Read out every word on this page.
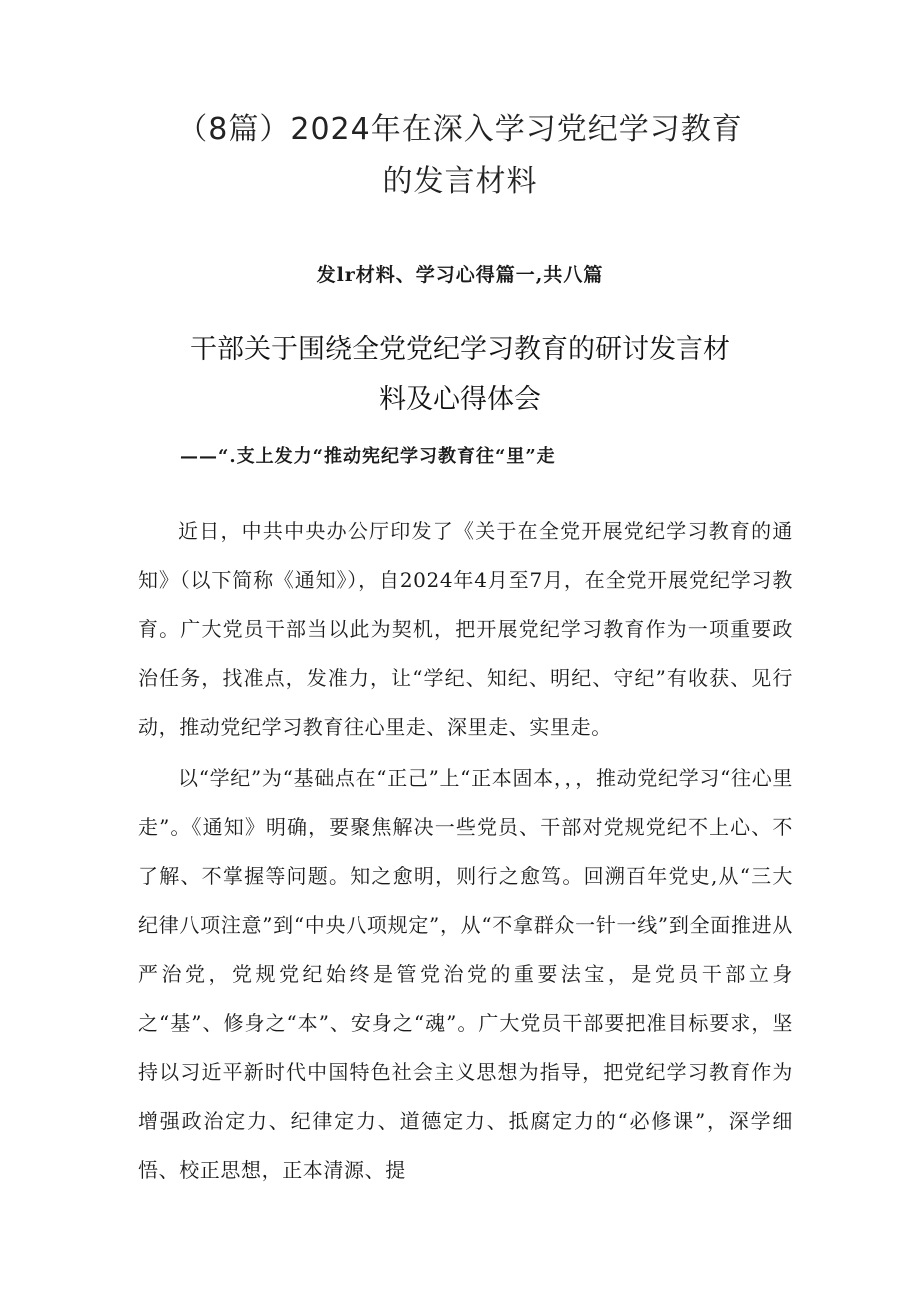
（8篇）2024年在深入学习党纪学习教育
的发言材料
发lr材料、学习心得篇一,共八篇
干部关于围绕全党党纪学习教育的研讨发言材
料及心得体会
——“.支上发力“推动宪纪学习教育往“里”走

近日，中共中央办公厅印发了《关于在全党开展党纪学习教育的通知》（以下简称《通知》），自2024年4月至7月，在全党开展党纪学习教育。广大党员干部当以此为契机，把开展党纪学习教育作为一项重要政治任务，找准点，发准力，让“学纪、知纪、明纪、守纪”有收获、见行动，推动党纪学习教育往心里走、深里走、实里走。

以“学纪”为“基础点在“正己”上“正本固本，，，推动党纪学习“往心里走”。《通知》明确，要聚焦解决一些党员、干部对党规党纪不上心、不了解、不掌握等问题。知之愈明，则行之愈笃。回溯百年党史,从“三大纪律八项注意”到“中央八项规定”，从“不拿群众一针一线”到全面推进从严治党，党规党纪始终是管党治党的重要法宝，是党员干部立身之“基”、修身之“本”、安身之“魂”。广大党员干部要把准目标要求，坚持以习近平新时代中国特色社会主义思想为指导，把党纪学习教育作为增强政治定力、纪律定力、道德定力、抵腐定力的“必修课”，深学细悟、校正思想，正本清源、提
